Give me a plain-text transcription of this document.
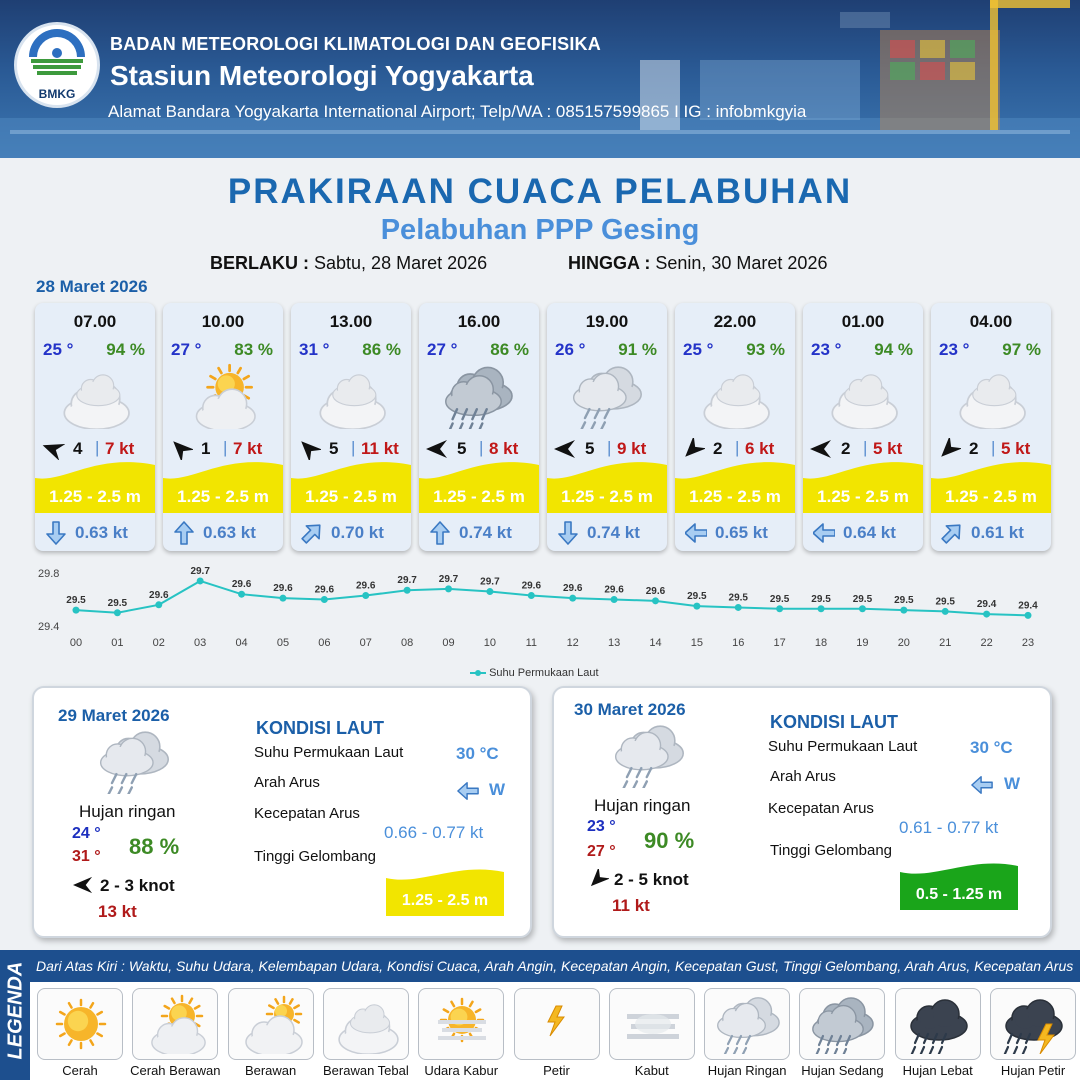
BMKG
BADAN METEOROLOGI KLIMATOLOGI DAN GEOFISIKA
Stasiun Meteorologi Yogyakarta
Alamat Bandara Yogyakarta International Airport; Telp/WA : 085157599865 I IG : infobmkgyia
PRAKIRAAN CUACA PELABUHAN
Pelabuhan PPP Gesing
BERLAKU : Sabtu, 28 Maret 2026	HINGGA : Senin, 30 Maret 2026
28 Maret 2026
07.00
25 ° 94 %
4 | 7 kt
1.25 - 2.5 m
0.63 kt
10.00
27 ° 83 %
1 | 7 kt
1.25 - 2.5 m
0.63 kt
13.00
31 ° 86 %
5 | 11 kt
1.25 - 2.5 m
0.70 kt
16.00
27 ° 86 %
5 | 8 kt
1.25 - 2.5 m
0.74 kt
19.00
26 ° 91 %
5 | 9 kt
1.25 - 2.5 m
0.74 kt
22.00
25 ° 93 %
2 | 6 kt
1.25 - 2.5 m
0.65 kt
01.00
23 ° 94 %
2 | 5 kt
1.25 - 2.5 m
0.64 kt
04.00
23 ° 97 %
2 | 5 kt
1.25 - 2.5 m
0.61 kt
29.8
29.4
29.5
00
29.5
01
29.6
02
29.7
03
29.6
04
29.6
05
29.6
06
29.6
07
29.7
08
29.7
09
29.7
10
29.6
11
29.6
12
29.6
13
29.6
14
29.5
15
29.5
16
29.5
17
29.5
18
29.5
19
29.5
20
29.5
21
29.4
22
29.4
23
Suhu Permukaan Laut
29 Maret 2026
Hujan ringan
24 °
31 ° 88 %
2 - 3 knot
13 kt
KONDISI LAUT
Suhu Permukaan Laut	30 °C
Arah Arus	W
Kecepatan Arus
0.66 - 0.77 kt
Tinggi Gelombang
1.25 - 2.5 m
30 Maret 2026
Hujan ringan
23 °
27 ° 90 %
2 - 5 knot
11 kt
KONDISI LAUT
Suhu Permukaan Laut	30 °C
Arah Arus	W
Kecepatan Arus
0.61 - 0.77 kt
Tinggi Gelombang
0.5 - 1.25 m
LEGENDA Dari Atas Kiri : Waktu, Suhu Udara, Kelembapan Udara, Kondisi Cuaca, Arah Angin, Kecepatan Angin, Kecepatan Gust, Tinggi Gelombang, Arah Arus, Kecepatan Arus
Cerah	Cerah Berawan	Berawan	Berawan Tebal	Udara Kabur	Petir	Kabut	Hujan Ringan	Hujan Sedang	Hujan Lebat	Hujan Petir
